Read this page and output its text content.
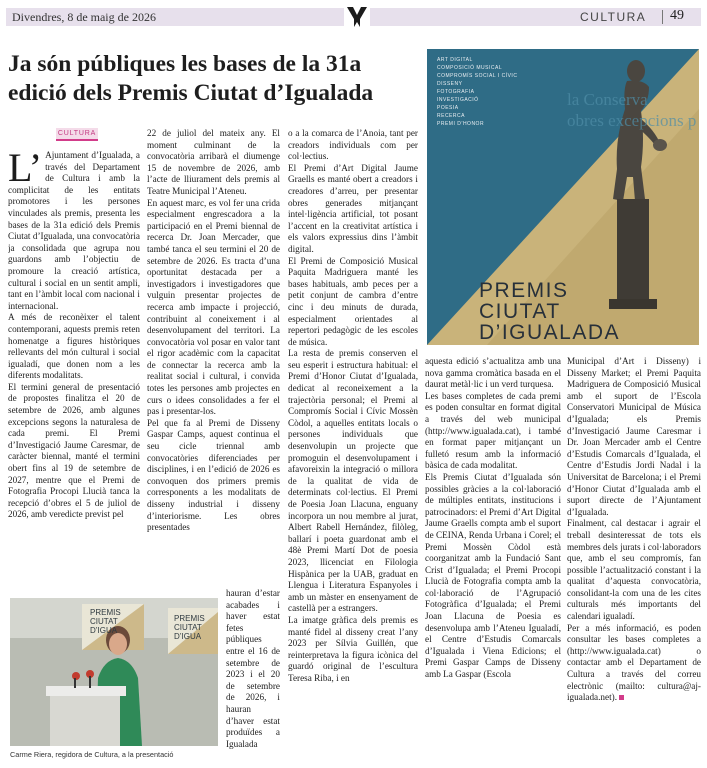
Divendres, 8 de maig de 2026	CULTURA 49
Ja són públiques les bases de la 31a
edició dels Premis Ciutat d’Igualada
CULTURA

L’ Ajuntament d’Igualada, a través del Departament de Cultura i amb la complicitat de les entitats promotores i les persones vinculades als premis, presenta les bases de la 31a edició dels Premis Ciutat d’Igualada, una convocatòria ja consolidada que agrupa nou guardons amb l’objectiu de promoure la creació artística, cultural i social en un sentit ampli, tant en l’àmbit local com nacional i internacional.

A més de reconèixer el talent contemporani, aquests premis reten homenatge a figures històriques rellevants del món cultural i social igualadí, que donen nom a les diferents modalitats.

El termini general de presentació de propostes finalitza el 20 de setembre de 2026, amb algunes excepcions segons la naturalesa de cada premi. El Premi d’Investigació Jaume Caresmar, de caràcter biennal, manté el termini obert fins al 19 de setembre de 2027, mentre que el Premi de Fotografia Procopi Llucià tanca la recepció d’obres el 5 de juliol de 2026, amb veredicte previst pel

22 de juliol del mateix any. El moment culminant de la convocatòria arribarà el diumenge 15 de novembre de 2026, amb l’acte de lliurament dels premis al Teatre Municipal l’Ateneu.

En aquest marc, es vol fer una crida especialment engrescadora a la participació en el Premi biennal de recerca Dr. Joan Mercader, que també tanca el seu termini el 20 de setembre de 2026. Es tracta d’una oportunitat destacada per a investigadors i investigadores que vulguin presentar projectes de recerca amb impacte i projecció, contribuint al coneixement i al desenvolupament del territori. La convocatòria vol posar en valor tant el rigor acadèmic com la capacitat de connectar la recerca amb la realitat social i cultural, i convida totes les persones amb projectes en curs o idees consolidades a fer el pas i presentar-los.

Pel que fa al Premi de Disseny Gaspar Camps, aquest continua el seu cicle triennal amb convocatòries diferenciades per disciplines, i en l’edició de 2026 es convoquen dos primers premis corresponents a les modalitats de disseny industrial i disseny d’interiorisme. Les obres presentades

hauran d’estar acabades i haver estat fetes públiques entre el 16 de setembre de 2023 i el 20 de setembre de 2026, i hauran d’haver estat produïdes a Igualada

o a la comarca de l’Anoia, tant per creadors individuals com per col·lectius.

El Premi d’Art Digital Jaume Graells es manté obert a creadors i creadores d’arreu, per presentar obres generades mitjançant intel·ligència artificial, tot posant l’accent en la creativitat artística i els valors expressius dins l’àmbit digital.

El Premi de Composició Musical Paquita Madriguera manté les bases habituals, amb peces per a petit conjunt de cambra d’entre cinc i deu minuts de durada, especialment orientades al repertori pedagògic de les escoles de música.

La resta de premis conserven el seu esperit i estructura habitual: el Premi d’Honor Ciutat d’Igualada, dedicat al reconeixement a la trajectòria personal; el Premi al Compromís Social i Cívic Mossèn Còdol, a aquelles entitats locals o persones individuals que desenvolupin un projecte que promoguin el desenvolupament i afavoreixin la integració o millora de la qualitat de vida de determinats col·lectius. El Premi de Poesia Joan Llacuna, enguany incorpora un nou membre al jurat, Albert Rabell Hernández, filòleg, ballarí i poeta guardonat amb el 48è Premi Martí Dot de poesia 2023, llicenciat en Filologia Hispànica per la UAB, graduat en Llengua i Literatura Espanyoles i amb un màster en ensenyament de castellà per a estrangers.

La imatge gràfica dels premis es manté fidel al disseny creat l’any 2023 per Sílvia Guillén, que reinterpretava la figura icònica del guardó original de l’escultura Teresa Riba, i en

aquesta edició s’actualitza amb una nova gamma cromàtica basada en el daurat metàl·lic i un verd turquesa.

Les bases completes de cada premi es poden consultar en format digital a través del web municipal (http://www.igualada.cat), i també en format paper mitjançant un fulletó resum amb la informació bàsica de cada modalitat.

Els Premis Ciutat d’Igualada són possibles gràcies a la col·laboració de múltiples entitats, institucions i patrocinadors: el Premi d’Art Digital Jaume Graells compta amb el suport de CEINA, Renda Urbana i Corel; el Premi Mossèn Còdol està coorganitzat amb la Fundació Sant Crist d’Igualada; el Premi Procopi Llucià de Fotografia compta amb la col·laboració de l’Agrupació Fotogràfica d’Igualada; el Premi Joan Llacuna de Poesia es desenvolupa amb l’Ateneu Igualadí, el Centre d’Estudis Comarcals d’Igualada i Viena Edicions; el Premi Gaspar Camps de Disseny amb La Gaspar (Escola

Municipal d’Art i Disseny) i Disseny Market; el Premi Paquita Madriguera de Composició Musical amb el suport de l’Escola Conservatori Municipal de Música d’Igualada; els Premis d’Investigació Jaume Caresmar i Dr. Joan Mercader amb el Centre d’Estudis Comarcals d’Igualada, el Centre d’Estudis Jordi Nadal i la Universitat de Barcelona; i el Premi d’Honor Ciutat d’Igualada amb el suport directe de l’Ajuntament d’Igualada.

Finalment, cal destacar i agrair el treball desinteressat de tots els membres dels jurats i col·laboradors que, amb el seu compromís, fan possible l’actualització constant i la qualitat d’aquesta convocatòria, consolidant-la com una de les cites culturals més importants del calendari igualadí.

Per a més informació, es poden consultar les bases completes a (http://www.igualada.cat) o contactar amb el Departament de Cultura a través del correu electrònic (mailto: cultura@aj-igualada.net).

la Conserva
obres excepcions p
ART DIGITAL
COMPOSICIÓ MUSICAL
COMPROMÍS SOCIAL I CÍVIC
DISSENY
FOTOGRAFIA
INVESTIGACIÓ
POESIA
RECERCA
PREMI D’HONOR
PREMIS
CIUTAT
D’IGUALADA
PREMIS
CIUTAT
D’IGUA
PREMIS
CIUTAT
D’IGUA
Carme Riera, regidora de Cultura, a la presentació
